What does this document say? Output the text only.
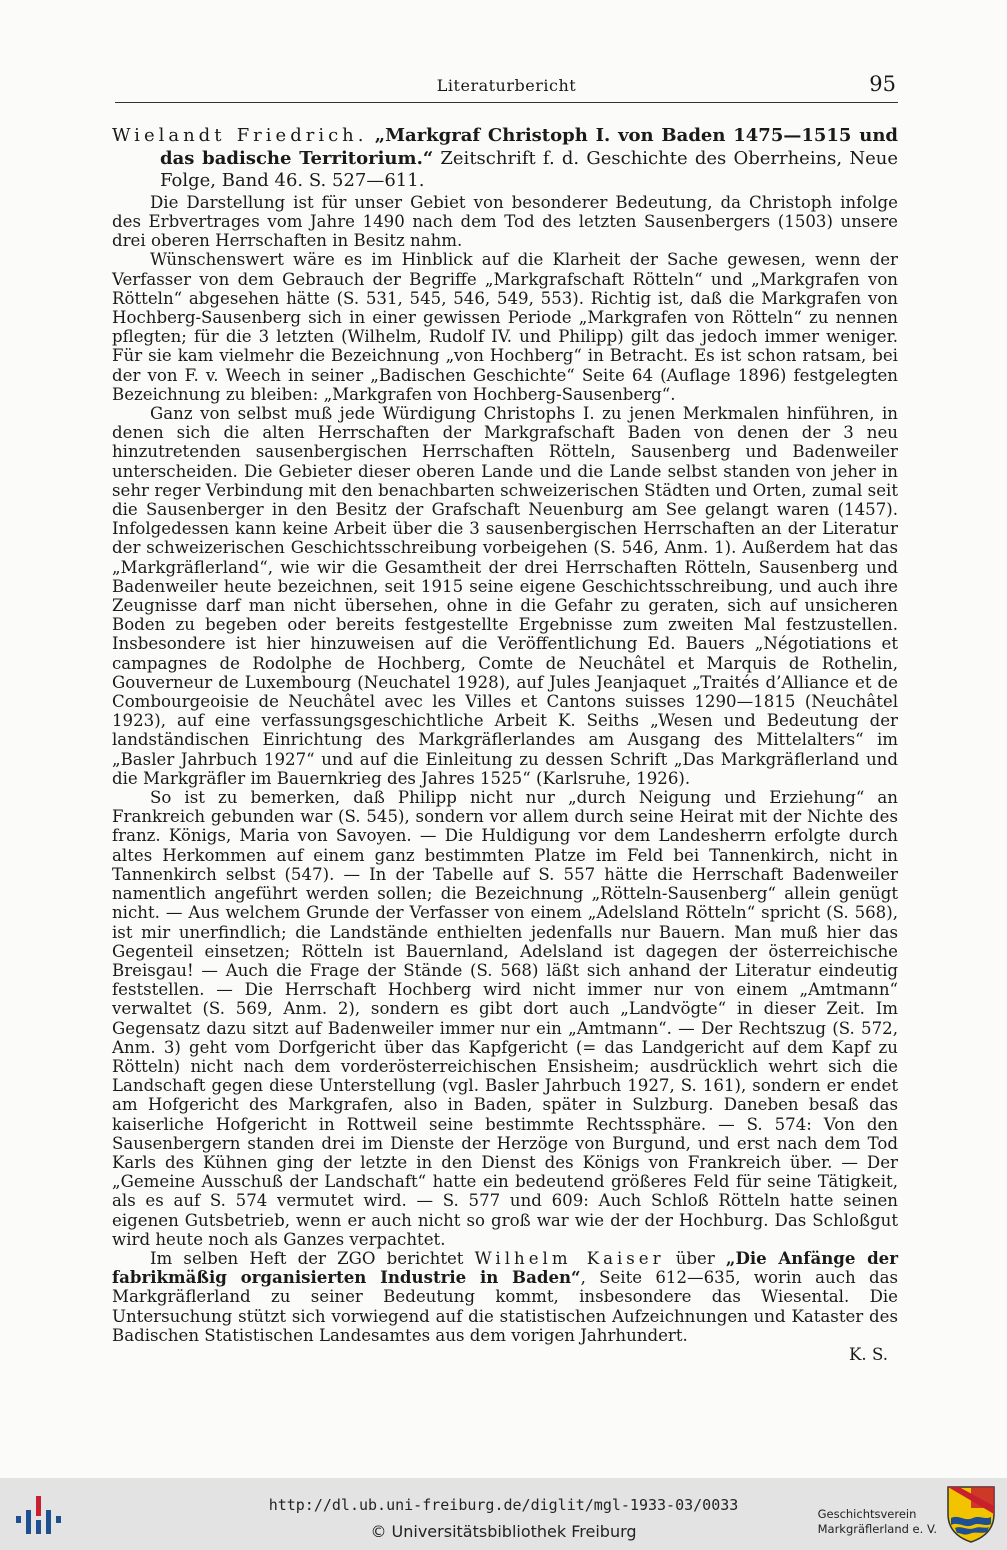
Literaturbericht	95

Wielandt Friedrich. „Markgraf Christoph I. von Baden 1475—1515 und das badische Territorium.“ Zeitschrift f. d. Geschichte des Oberrheins, Neue Folge, Band 46. S. 527—611.

Die Darstellung ist für unser Gebiet von besonderer Bedeutung, da Christoph infolge des Erbvertrages vom Jahre 1490 nach dem Tod des letzten Sausenbergers (1503) unsere drei oberen Herrschaften in Besitz nahm.

Wünschenswert wäre es im Hinblick auf die Klarheit der Sache gewesen, wenn der Verfasser von dem Gebrauch der Begriffe „Markgrafschaft Rötteln“ und „Markgrafen von Rötteln“ abgesehen hätte (S. 531, 545, 546, 549, 553). Richtig ist, daß die Markgrafen von Hochberg-Sausenberg sich in einer gewissen Periode „Markgrafen von Rötteln“ zu nennen pflegten; für die 3 letzten (Wilhelm, Rudolf IV. und Philipp) gilt das jedoch immer weniger. Für sie kam vielmehr die Bezeichnung „von Hochberg“ in Betracht. Es ist schon ratsam, bei der von F. v. Weech in seiner „Badischen Geschichte“ Seite 64 (Auflage 1896) festgelegten Bezeichnung zu bleiben: „Markgrafen von Hochberg-Sausenberg“.

Ganz von selbst muß jede Würdigung Christophs I. zu jenen Merkmalen hinführen, in denen sich die alten Herrschaften der Markgrafschaft Baden von denen der 3 neu hinzutretenden sausenbergischen Herrschaften Rötteln, Sausenberg und Badenweiler unterscheiden. Die Gebieter dieser oberen Lande und die Lande selbst standen von jeher in sehr reger Verbindung mit den benachbarten schweizerischen Städten und Orten, zumal seit die Sausenberger in den Besitz der Grafschaft Neuenburg am See gelangt waren (1457). Infolgedessen kann keine Arbeit über die 3 sausenbergischen Herrschaften an der Literatur der schweizerischen Geschichtsschreibung vorbeigehen (S. 546, Anm. 1). Außerdem hat das „Markgräflerland“, wie wir die Gesamtheit der drei Herrschaften Rötteln, Sausenberg und Badenweiler heute bezeichnen, seit 1915 seine eigene Geschichtsschreibung, und auch ihre Zeugnisse darf man nicht übersehen, ohne in die Gefahr zu geraten, sich auf unsicheren Boden zu begeben oder bereits festgestellte Ergebnisse zum zweiten Mal festzustellen. Insbesondere ist hier hinzuweisen auf die Veröffentlichung Ed. Bauers „Négotiations et campagnes de Rodolphe de Hochberg, Comte de Neuchâtel et Marquis de Rothelin, Gouverneur de Luxembourg (Neuchatel 1928), auf Jules Jeanjaquet „Traités d’Alliance et de Combourgeoisie de Neuchâtel avec les Villes et Cantons suisses 1290—1815 (Neuchâtel 1923), auf eine verfassungsgeschichtliche Arbeit K. Seiths „Wesen und Bedeutung der landständischen Einrichtung des Markgräflerlandes am Ausgang des Mittelalters“ im „Basler Jahrbuch 1927“ und auf die Einleitung zu dessen Schrift „Das Markgräflerland und die Markgräfler im Bauernkrieg des Jahres 1525“ (Karlsruhe, 1926).

So ist zu bemerken, daß Philipp nicht nur „durch Neigung und Erziehung“ an Frankreich gebunden war (S. 545), sondern vor allem durch seine Heirat mit der Nichte des franz. Königs, Maria von Savoyen. — Die Huldigung vor dem Landesherrn erfolgte durch altes Herkommen auf einem ganz bestimmten Platze im Feld bei Tannenkirch, nicht in Tannenkirch selbst (547). — In der Tabelle auf S. 557 hätte die Herrschaft Badenweiler namentlich angeführt werden sollen; die Bezeichnung „Rötteln-Sausenberg“ allein genügt nicht. — Aus welchem Grunde der Verfasser von einem „Adelsland Rötteln“ spricht (S. 568), ist mir unerfindlich; die Landstände enthielten jedenfalls nur Bauern. Man muß hier das Gegenteil einsetzen; Rötteln ist Bauernland, Adelsland ist dagegen der österreichische Breisgau! — Auch die Frage der Stände (S. 568) läßt sich anhand der Literatur eindeutig feststellen. — Die Herrschaft Hochberg wird nicht immer nur von einem „Amtmann“ verwaltet (S. 569, Anm. 2), sondern es gibt dort auch „Landvögte“ in dieser Zeit. Im Gegensatz dazu sitzt auf Badenweiler immer nur ein „Amtmann“. — Der Rechtszug (S. 572, Anm. 3) geht vom Dorfgericht über das Kapfgericht (= das Landgericht auf dem Kapf zu Rötteln) nicht nach dem vorderösterreichischen Ensisheim; ausdrücklich wehrt sich die Landschaft gegen diese Unterstellung (vgl. Basler Jahrbuch 1927, S. 161), sondern er endet am Hofgericht des Markgrafen, also in Baden, später in Sulzburg. Daneben besaß das kaiserliche Hofgericht in Rottweil seine bestimmte Rechtssphäre. — S. 574: Von den Sausenbergern standen drei im Dienste der Herzöge von Burgund, und erst nach dem Tod Karls des Kühnen ging der letzte in den Dienst des Königs von Frankreich über. — Der „Gemeine Ausschuß der Landschaft“ hatte ein bedeutend größeres Feld für seine Tätigkeit, als es auf S. 574 vermutet wird. — S. 577 und 609: Auch Schloß Rötteln hatte seinen eigenen Gutsbetrieb, wenn er auch nicht so groß war wie der der Hochburg. Das Schloßgut wird heute noch als Ganzes verpachtet.

Im selben Heft der ZGO berichtet Wilhelm Kaiser über „Die Anfänge der fabrikmäßig organisierten Industrie in Baden“, Seite 612—635, worin auch das Markgräflerland zu seiner Bedeutung kommt, insbesondere das Wiesental. Die Untersuchung stützt sich vorwiegend auf die statistischen Aufzeichnungen und Kataster des Badischen Statistischen Landesamtes aus dem vorigen Jahrhundert.

K. S.

http://dl.ub.uni-freiburg.de/diglit/mgl-1933-03/0033
© Universitätsbibliothek Freiburg
Geschichtsverein
Markgräflerland e. V.
